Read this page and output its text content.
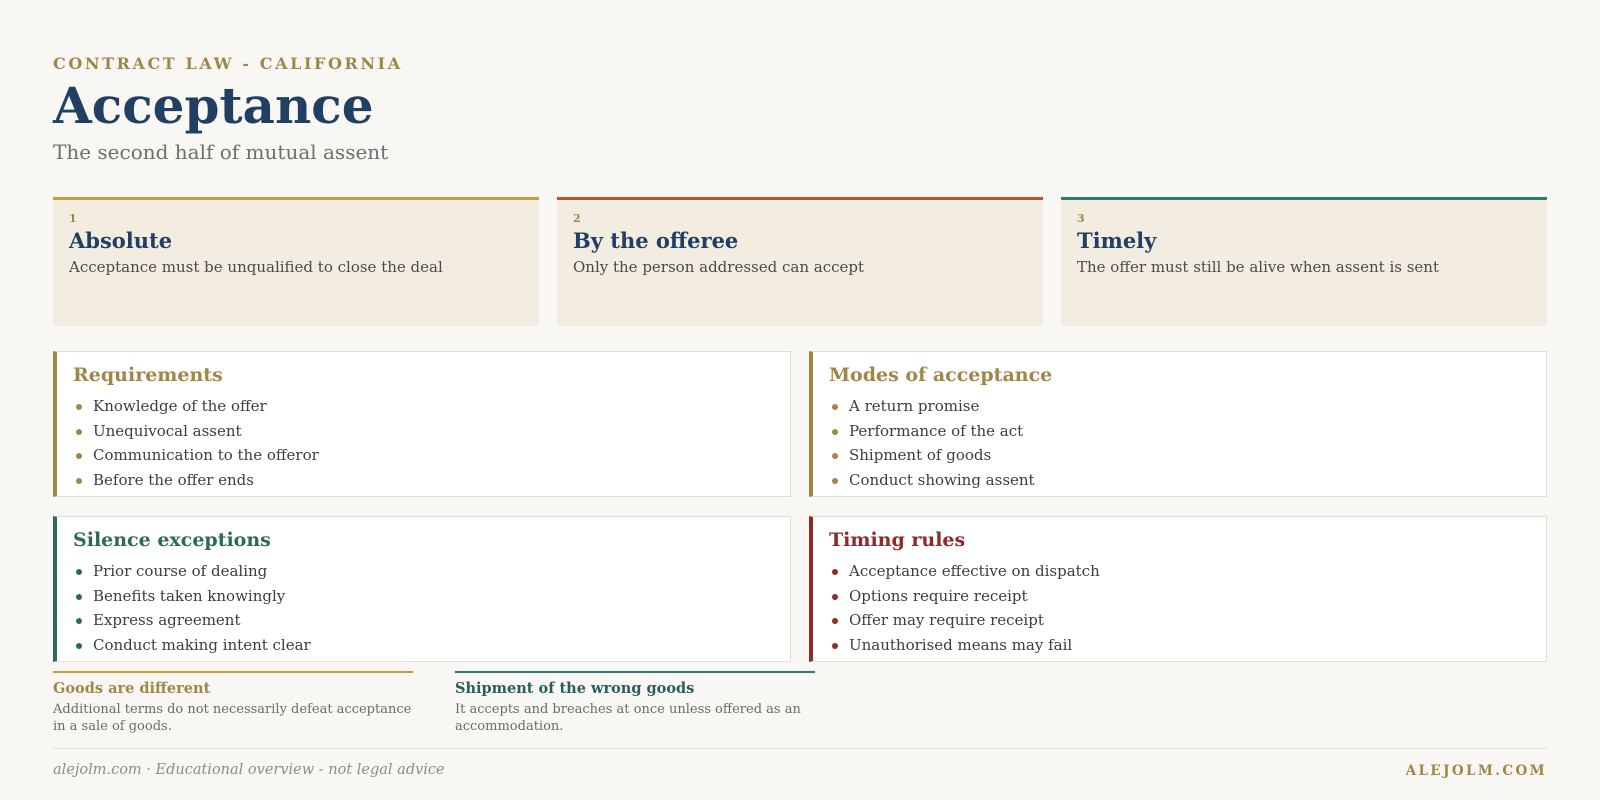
CONTRACT LAW - CALIFORNIA
Acceptance
The second half of mutual assent
1
Absolute
Acceptance must be unqualified to close the deal
2
By the offeree
Only the person addressed can accept
3
Timely
The offer must still be alive when assent is sent
Requirements
Knowledge of the offer
Unequivocal assent
Communication to the offeror
Before the offer ends
Modes of acceptance
A return promise
Performance of the act
Shipment of goods
Conduct showing assent
Silence exceptions
Prior course of dealing
Benefits taken knowingly
Express agreement
Conduct making intent clear
Timing rules
Acceptance effective on dispatch
Options require receipt
Offer may require receipt
Unauthorised means may fail
Goods are different
Additional terms do not necessarily defeat acceptance in a sale of goods.
Shipment of the wrong goods
It accepts and breaches at once unless offered as an accommodation.
alejolm.com · Educational overview - not legal advice	ALEJOLM.COM
